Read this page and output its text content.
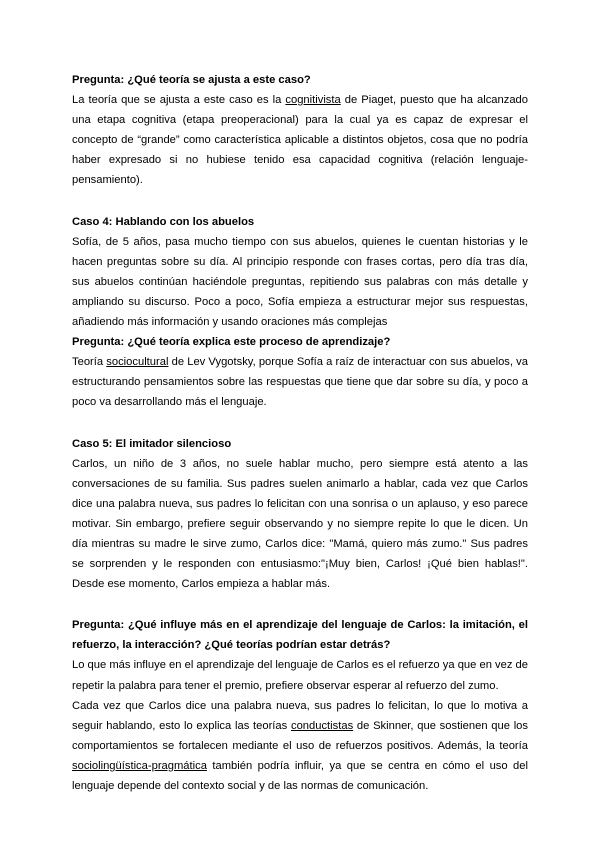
Pregunta: ¿Qué teoría se ajusta a este caso?

La teoría que se ajusta a este caso es la cognitivista de Piaget, puesto que ha alcanzado una etapa cognitiva (etapa preoperacional) para la cual ya es capaz de expresar el concepto de “grande” como característica aplicable a distintos objetos, cosa que no podría haber expresado si no hubiese tenido esa capacidad cognitiva (relación lenguaje-pensamiento).

Caso 4: Hablando con los abuelos

Sofía, de 5 años, pasa mucho tiempo con sus abuelos, quienes le cuentan historias y le hacen preguntas sobre su día. Al principio responde con frases cortas, pero día tras día, sus abuelos continúan haciéndole preguntas, repitiendo sus palabras con más detalle y ampliando su discurso. Poco a poco, Sofía empieza a estructurar mejor sus respuestas, añadiendo más información y usando oraciones más complejas

Pregunta: ¿Qué teoría explica este proceso de aprendizaje?

Teoría sociocultural de Lev Vygotsky, porque Sofía a raíz de interactuar con sus abuelos, va estructurando pensamientos sobre las respuestas que tiene que dar sobre su día, y poco a poco va desarrollando más el lenguaje.

Caso 5: El imitador silencioso

Carlos, un niño de 3 años, no suele hablar mucho, pero siempre está atento a las conversaciones de su familia. Sus padres suelen animarlo a hablar, cada vez que Carlos dice una palabra nueva, sus padres lo felicitan con una sonrisa o un aplauso, y eso parece motivar. Sin embargo, prefiere seguir observando y no siempre repite lo que le dicen. Un día mientras su madre le sirve zumo, Carlos dice: "Mamá, quiero más zumo." Sus padres se sorprenden y le responden con entusiasmo:"¡Muy bien, Carlos! ¡Qué bien hablas!". Desde ese momento, Carlos empieza a hablar más.

Pregunta: ¿Qué influye más en el aprendizaje del lenguaje de Carlos: la imitación, el refuerzo, la interacción? ¿Qué teorías podrían estar detrás?

Lo que más influye en el aprendizaje del lenguaje de Carlos es el refuerzo ya que en vez de repetir la palabra para tener el premio, prefiere observar esperar al refuerzo del zumo.

Cada vez que Carlos dice una palabra nueva, sus padres lo felicitan, lo que lo motiva a seguir hablando, esto lo explica las teorías conductistas de Skinner, que sostienen que los comportamientos se fortalecen mediante el uso de refuerzos positivos. Además, la teoría sociolingüística-pragmática también podría influir, ya que se centra en cómo el uso del lenguaje depende del contexto social y de las normas de comunicación.
